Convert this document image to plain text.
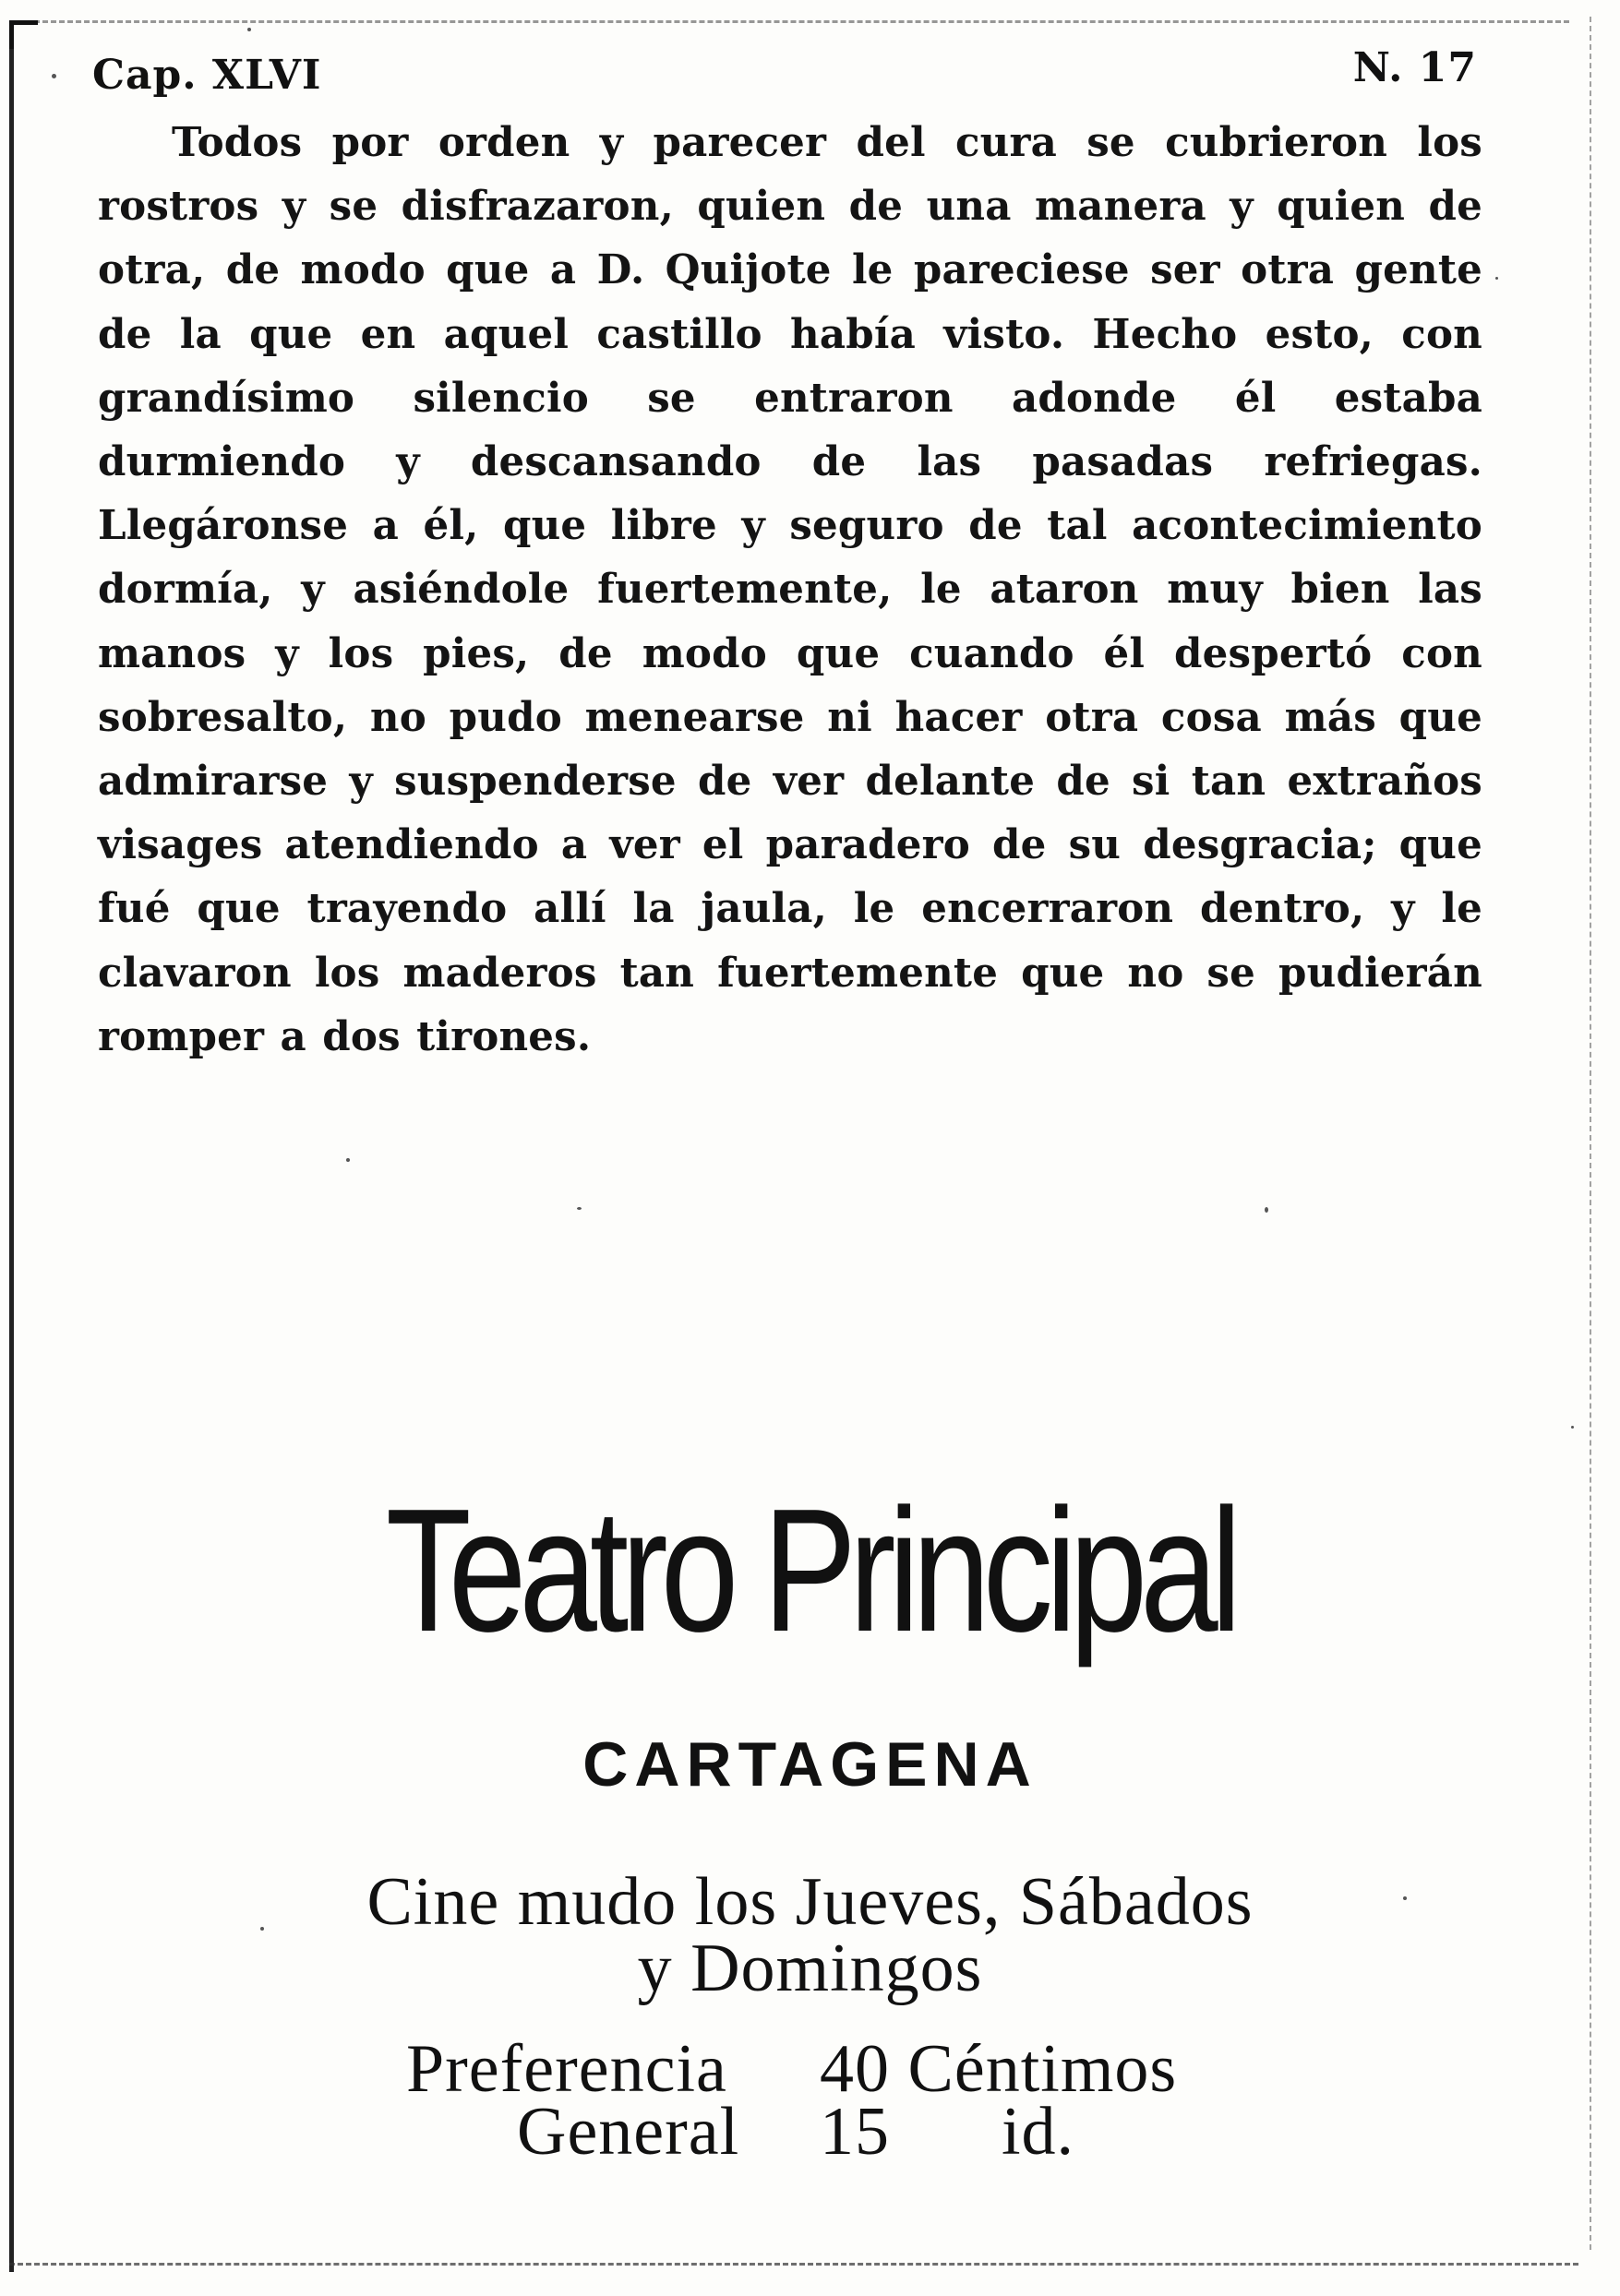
Cap. XLVI	N. 17

Todos por orden y parecer del cura se cubrieron los rostros y se disfrazaron, quien de una manera y quien de otra, de modo que a D. Quijote le pareciese ser otra gente de la que en aquel castillo había visto. Hecho esto, con grandísimo silencio se entraron adonde él estaba durmiendo y descansando de las pasadas refriegas. Llegáronse a él, que libre y seguro de tal acontecimiento dormía, y asiéndole fuertemente, le ataron muy bien las manos y los pies, de modo que cuando él despertó con sobresalto, no pudo menearse ni hacer otra cosa más que admirarse y suspenderse de ver delante de si tan extraños visages atendiendo a ver el paradero de su desgracia; que fué que trayendo allí la jaula, le encerraron dentro, y le clavaron los maderos tan fuertemente que no se pudierán romper a dos tirones.

Teatro Principal
CARTAGENA
Cine mudo los Jueves, Sábados
y Domingos
Preferencia 40 Céntimos
General 15 id.
